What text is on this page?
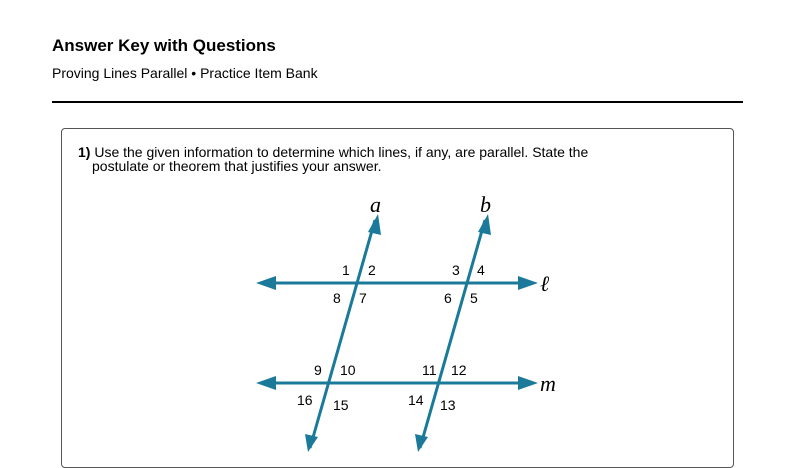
Answer Key with Questions
Proving Lines Parallel • Practice Item Bank
1) Use the given information to determine which lines, if any, are parallel. State the
postulate or theorem that justifies your answer.
a	b
ℓ
m
1 2	3 4
5
6
7
8
9 10	11 12
13
14
15
16
